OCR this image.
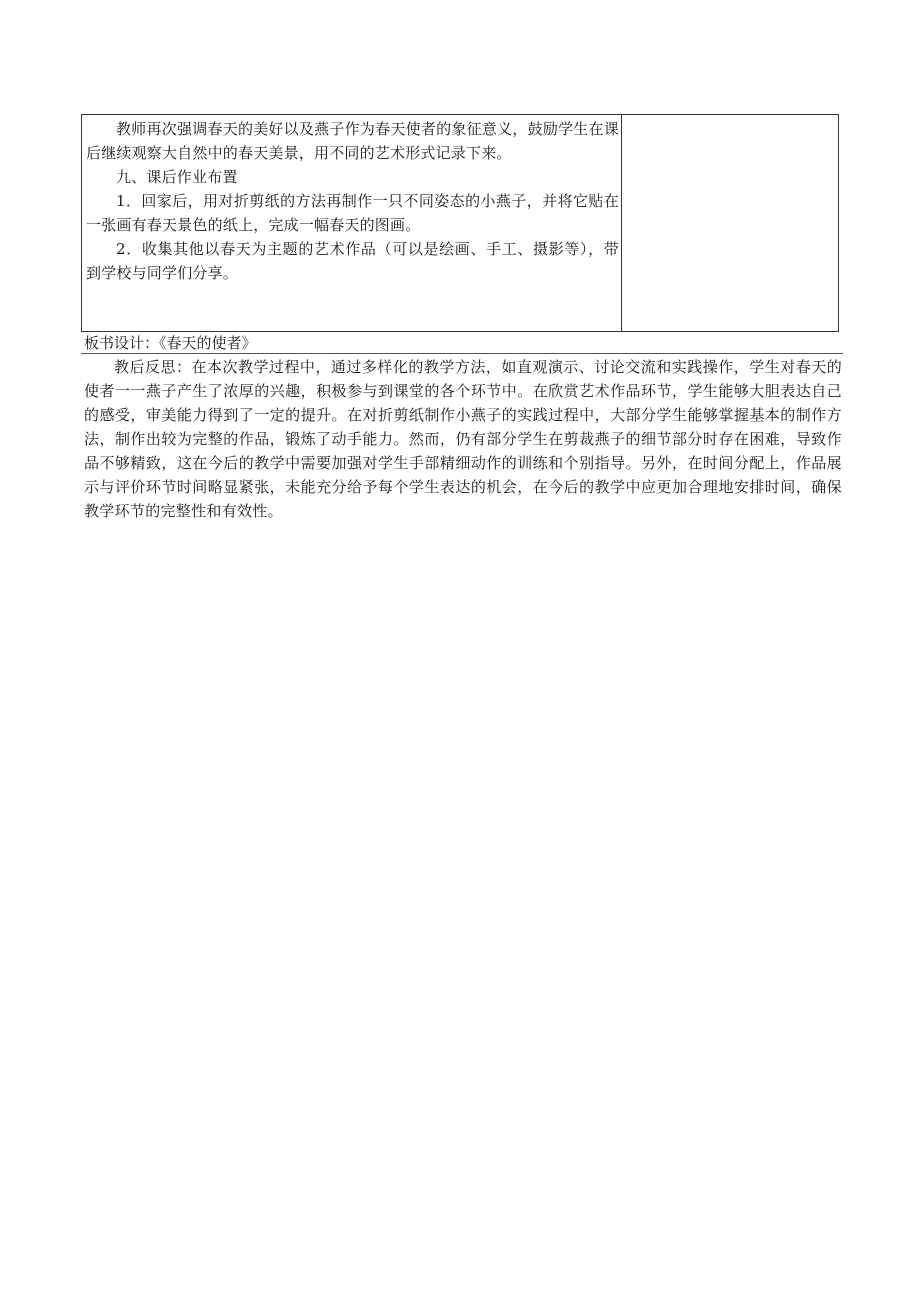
教师再次强调春天的美好以及燕子作为春天使者的象征意义，鼓励学生在课后继续观察大自然中的春天美景，用不同的艺术形式记录下来。

九、课后作业布置

1．回家后，用对折剪纸的方法再制作一只不同姿态的小燕子，并将它贴在一张画有春天景色的纸上，完成一幅春天的图画。

2．收集其他以春天为主题的艺术作品（可以是绘画、手工、摄影等），带到学校与同学们分享。

板书设计：《春天的使者》

教后反思：在本次教学过程中，通过多样化的教学方法，如直观演示、讨论交流和实践操作，学生对春天的使者一一燕子产生了浓厚的兴趣，积极参与到课堂的各个环节中。在欣赏艺术作品环节，学生能够大胆表达自己的感受，审美能力得到了一定的提升。在对折剪纸制作小燕子的实践过程中，大部分学生能够掌握基本的制作方法，制作出较为完整的作品，锻炼了动手能力。然而，仍有部分学生在剪裁燕子的细节部分时存在困难，导致作品不够精致，这在今后的教学中需要加强对学生手部精细动作的训练和个别指导。另外，在时间分配上，作品展示与评价环节时间略显紧张，未能充分给予每个学生表达的机会，在今后的教学中应更加合理地安排时间，确保教学环节的完整性和有效性。
